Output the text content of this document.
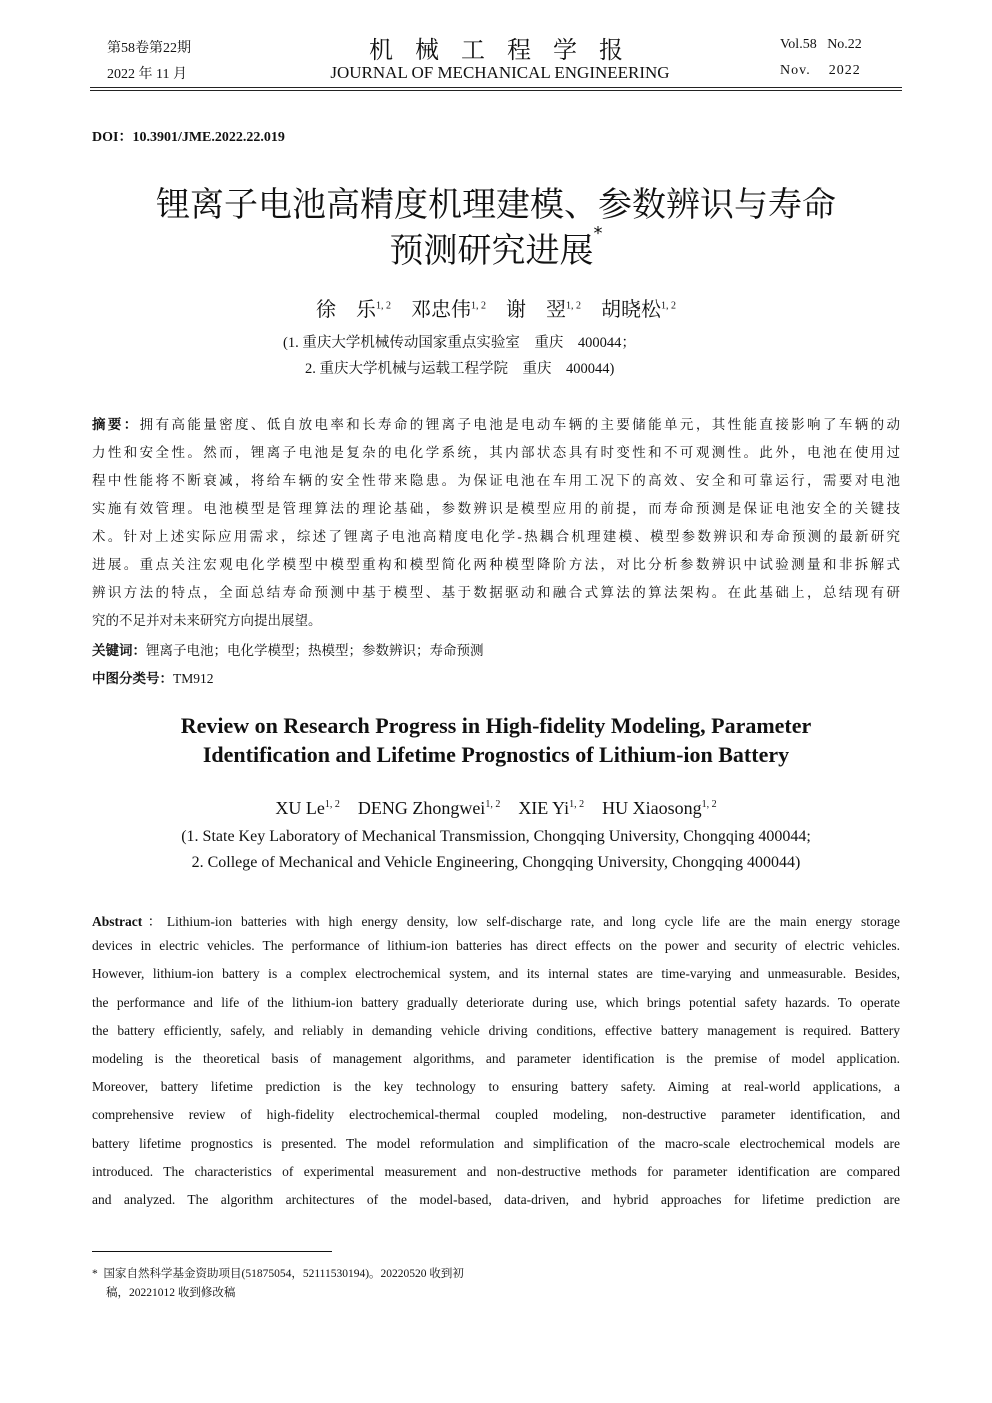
第58卷第22期
2022 年 11 月
机 械 工 程 学 报
JOURNAL OF MECHANICAL ENGINEERING
Vol.58   No.22
Nov.    2022
DOI：10.3901/JME.2022.22.019
锂离子电池高精度机理建模、参数辨识与寿命
预测研究进展*
徐　乐$^{1, 2}$ 邓忠伟$^{1, 2}$ 谢　翌$^{1, 2}$ 胡晓松$^{1, 2}$
(1. 重庆大学机械传动国家重点实验室　重庆　400044；
2. 重庆大学机械与运载工程学院　重庆　400044)
摘要：拥有高能量密度、低自放电率和长寿命的锂离子电池是电动车辆的主要储能单元，其性能直接影响了车辆的动
力性和安全性。然而，锂离子电池是复杂的电化学系统，其内部状态具有时变性和不可观测性。此外，电池在使用过
程中性能将不断衰减，将给车辆的安全性带来隐患。为保证电池在车用工况下的高效、安全和可靠运行，需要对电池
实施有效管理。电池模型是管理算法的理论基础，参数辨识是模型应用的前提，而寿命预测是保证电池安全的关键技
术。针对上述实际应用需求，综述了锂离子电池高精度电化学-热耦合机理建模、模型参数辨识和寿命预测的最新研究
进展。重点关注宏观电化学模型中模型重构和模型简化两种模型降阶方法，对比分析参数辨识中试验测量和非拆解式
辨识方法的特点，全面总结寿命预测中基于模型、基于数据驱动和融合式算法的算法架构。在此基础上，总结现有研
究的不足并对未来研究方向提出展望。
关键词：锂离子电池；电化学模型；热模型；参数辨识；寿命预测
中图分类号：TM912
Review on Research Progress in High-fidelity Modeling, Parameter
Identification and Lifetime Prognostics of Lithium-ion Battery
XU Le$^{1, 2}$ DENG Zhongwei$^{1, 2}$ XIE Yi$^{1, 2}$ HU Xiaosong$^{1, 2}$
(1. State Key Laboratory of Mechanical Transmission, Chongqing University, Chongqing 400044;
2. College of Mechanical and Vehicle Engineering, Chongqing University, Chongqing 400044)
Abstract：Lithium-ion batteries with high energy density, low self-discharge rate, and long cycle life are the main energy storage
devices in electric vehicles. The performance of lithium-ion batteries has direct effects on the power and security of electric vehicles.
However, lithium-ion battery is a complex electrochemical system, and its internal states are time-varying and unmeasurable. Besides,
the performance and life of the lithium-ion battery gradually deteriorate during use, which brings potential safety hazards. To operate
the battery efficiently, safely, and reliably in demanding vehicle driving conditions, effective battery management is required. Battery
modeling is the theoretical basis of management algorithms, and parameter identification is the premise of model application.
Moreover, battery lifetime prediction is the key technology to ensuring battery safety. Aiming at real-world applications, a
comprehensive review of high-fidelity electrochemical-thermal coupled modeling, non-destructive parameter identification, and
battery lifetime prognostics is presented. The model reformulation and simplification of the macro-scale electrochemical models are
introduced. The characteristics of experimental measurement and non-destructive methods for parameter identification are compared
and analyzed. The algorithm architectures of the model-based, data-driven, and hybrid approaches for lifetime prediction are
* 国家自然科学基金资助项目(51875054，52111530194)。20220520 收到初
稿，20221012 收到修改稿
